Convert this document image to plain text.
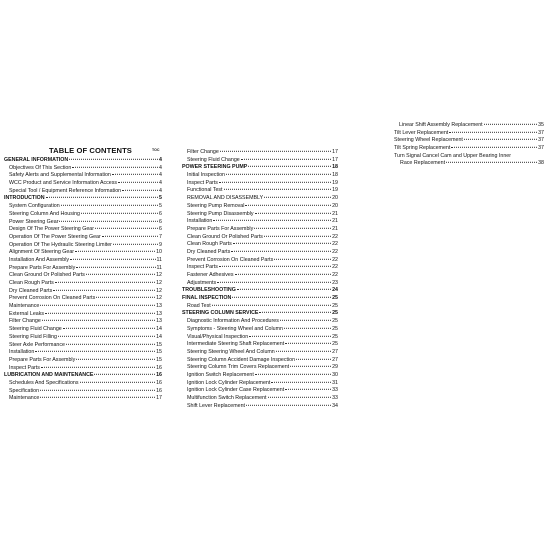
TABLE OF CONTENTS	TOC
GENERAL INFORMATION	4
Objectives Of This Section	4
Safety Alerts and Supplemental Information	4
WCC Product and Service Information Access	4
Special Tool / Equipment Reference Information	4
INTRODUCTION	5
System Configuration	5
Steering Column And Housing	6
Power Steering Gear	6
Design Of The Power Steering Gear	6
Operation Of The Power Steering Gear	7
Operation Of The Hydraulic Steering Limiter	9
Alignment Of Steering Gear	10
Installation And Assembly	11
Prepare Parts For Assembly	11
Clean Ground Or Polished Parts	12
Clean Rough Parts	12
Dry Cleaned Parts	12
Prevent Corrosion On Cleaned Parts	12
Maintenance	13
External Leaks	13
Filter Change	13
Steering Fluid Change	14
Steering Fluid Filling	14
Steer Axle Performance	15
Installation	15
Prepare Parts For Assembly	15
Inspect Parts	16
LUBRICATION AND MAINTENANCE	16
Schedules And Specifications	16
Specification	16
Maintenance	17
Filter Change	17
Steering Fluid Change	17
POWER STEERING PUMP	18
Initial Inspection	18
Inspect Parts	19
Functional Test	19
REMOVAL AND DISASSEMBLY	20
Steering Pump Removal	20
Steering Pump Disassembly	21
Installation	21
Prepare Parts For Assembly	21
Clean Ground Or Polished Parts	22
Clean Rough Parts	22
Dry Cleaned Parts	22
Prevent Corrosion On Cleaned Parts	22
Inspect Parts	22
Fastener Adhesives	22
Adjustments	23
TROUBLESHOOTING	24
FINAL INSPECTION	25
Road Test	25
STEERING COLUMN SERVICE	25
Diagnostic Information And Procedures	25
Symptoms - Steering Wheel and Column	25
Visual/Physical Inspection	25
Intermediate Steering Shaft Replacement	25
Steering Steering Wheel And Column	27
Steering Column Accident Damage Inspection	27
Steering Column Trim Covers Replacement	29
Ignition Switch Replacement	30
Ignition Lock Cylinder Replacement	31
Ignition Lock Cylinder Case Replacement	33
Multifunction Switch Replacement	33
Shift Lever Replacement	34
Linear Shift Assembly Replacement	35
Tilt Lever Replacement	37
Steering Wheel Replacement	37
Tilt Spring Replacement	37
Turn Signal Cancel Cam and Upper Bearing Inner
Race Replacement	38
